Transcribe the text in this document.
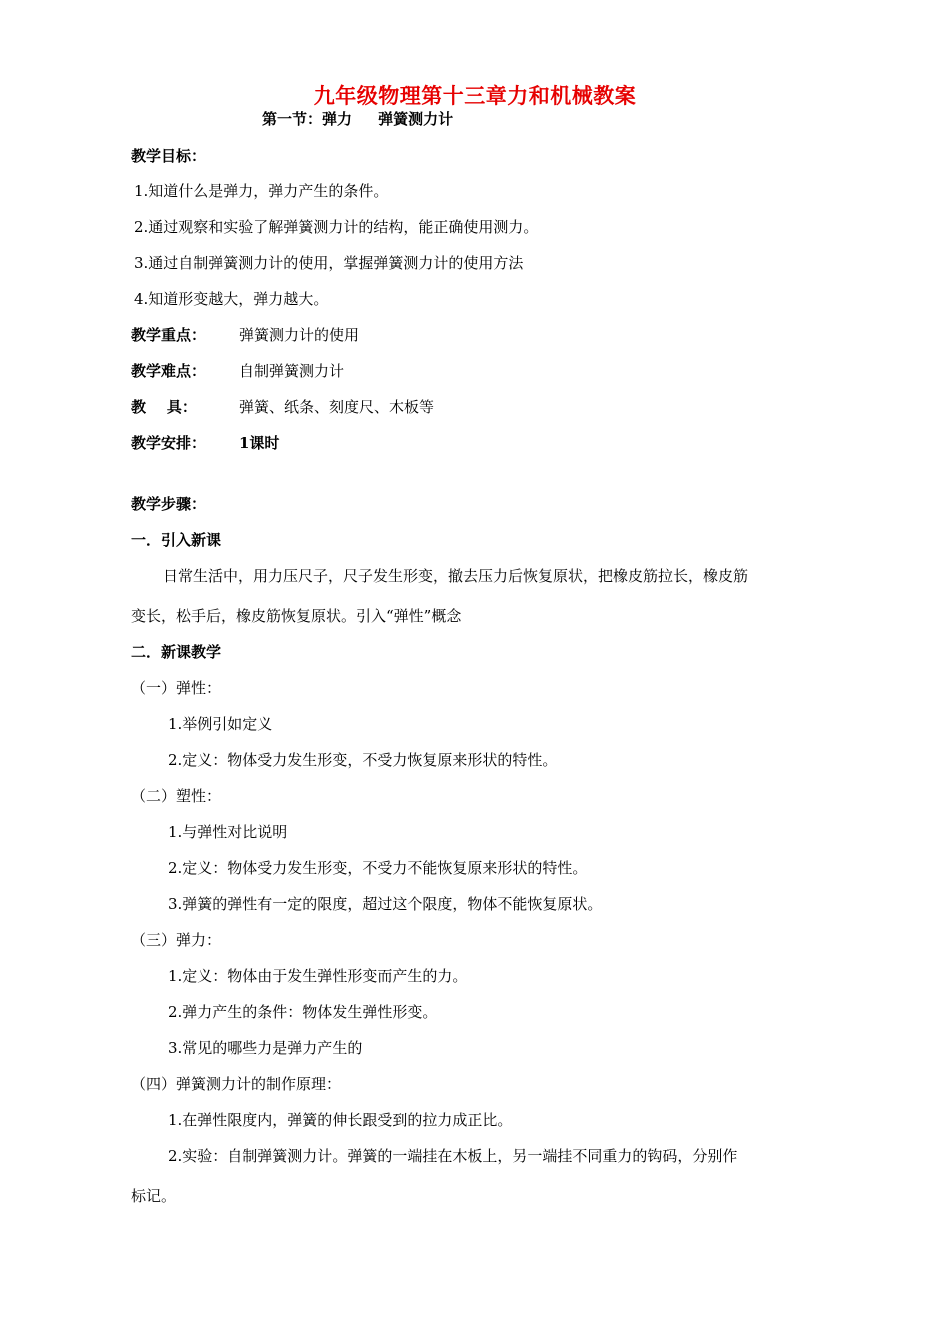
九年级物理第十三章力和机械教案
第一节：弹力     弹簧测力计
教学目标：
1.知道什么是弹力，弹力产生的条件。
2.通过观察和实验了解弹簧测力计的结构，能正确使用测力。
3.通过自制弹簧测力计的使用，掌握弹簧测力计的使用方法
4.知道形变越大，弹力越大。
教学重点： 弹簧测力计的使用
教学难点： 自制弹簧测力计
教    具：	弹簧、纸条、刻度尺、木板等
教学安排： 1课时
教学步骤：
一．引入新课
日常生活中，用力压尺子，尺子发生形变，撤去压力后恢复原状，把橡皮筋拉长，橡皮筋
变长，松手后，橡皮筋恢复原状。引入“弹性”概念
二．新课教学
（一）弹性：
1.举例引如定义
2.定义：物体受力发生形变，不受力恢复原来形状的特性。
（二）塑性：
1.与弹性对比说明
2.定义：物体受力发生形变，不受力不能恢复原来形状的特性。
3.弹簧的弹性有一定的限度，超过这个限度，物体不能恢复原状。
（三）弹力：
1.定义：物体由于发生弹性形变而产生的力。
2.弹力产生的条件：物体发生弹性形变。
3.常见的哪些力是弹力产生的
（四）弹簧测力计的制作原理：
1.在弹性限度内，弹簧的伸长跟受到的拉力成正比。
2.实验：自制弹簧测力计。弹簧的一端挂在木板上，另一端挂不同重力的钩码，分别作
标记。
